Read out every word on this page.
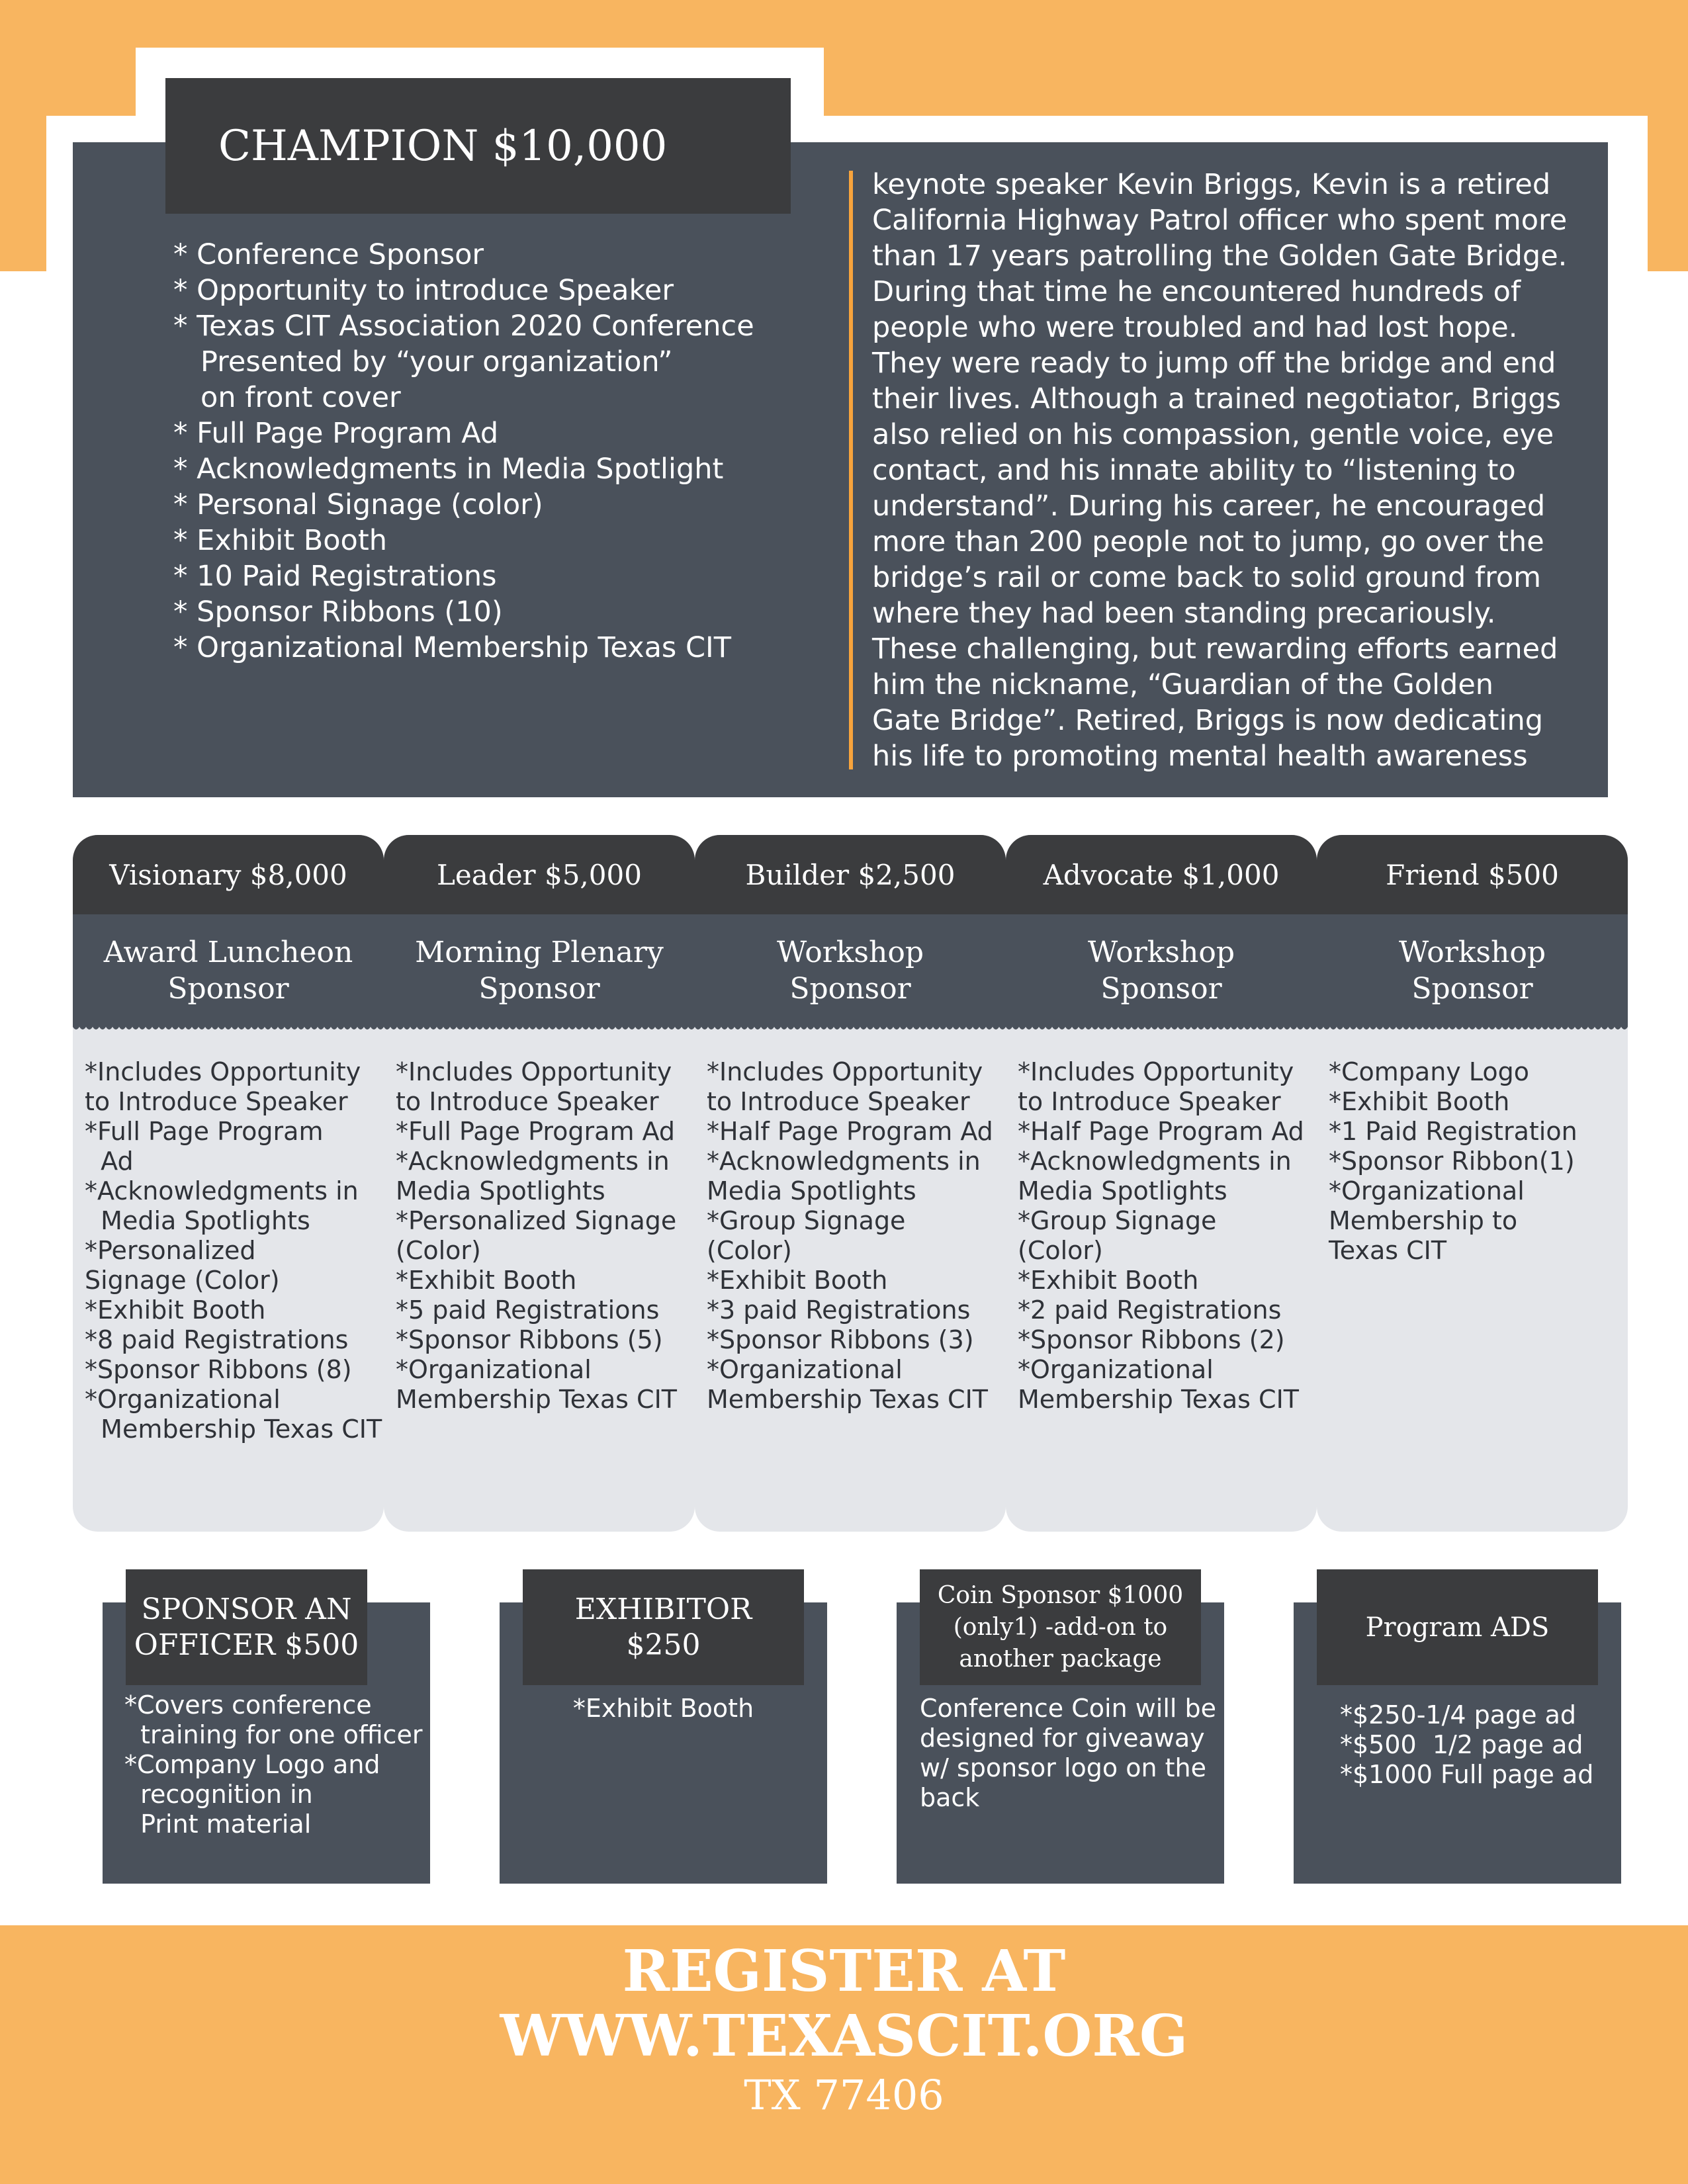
CHAMPION $10,000
* Conference Sponsor
* Opportunity to introduce Speaker
* Texas CIT Association 2020 Conference
Presented by “your organization”
on front cover
* Full Page Program Ad
* Acknowledgments in Media Spotlight
* Personal Signage (color)
* Exhibit Booth
* 10 Paid Registrations
* Sponsor Ribbons (10)
* Organizational Membership Texas CIT
keynote speaker Kevin Briggs, Kevin is a retired
California Highway Patrol officer who spent more
than 17 years patrolling the Golden Gate Bridge.
During that time he encountered hundreds of
people who were troubled and had lost hope.
They were ready to jump off the bridge and end
their lives. Although a trained negotiator, Briggs
also relied on his compassion, gentle voice, eye
contact, and his innate ability to “listening to
understand”. During his career, he encouraged
more than 200 people not to jump, go over the
bridge’s rail or come back to solid ground from
where they had been standing precariously.
These challenging, but rewarding efforts earned
him the nickname, “Guardian of the Golden
Gate Bridge”. Retired, Briggs is now dedicating
his life to promoting mental health awareness
Visionary $8,000
Award Luncheon
Sponsor
*Includes Opportunity
to Introduce Speaker
*Full Page Program
Ad
*Acknowledgments in
Media Spotlights
*Personalized
Signage (Color)
*Exhibit Booth
*8 paid Registrations
*Sponsor Ribbons (8)
*Organizational
Membership Texas CIT
Leader $5,000
Morning Plenary
Sponsor
*Includes Opportunity
to Introduce Speaker
*Full Page Program Ad
*Acknowledgments in
Media Spotlights
*Personalized Signage
(Color)
*Exhibit Booth
*5 paid Registrations
*Sponsor Ribbons (5)
*Organizational
Membership Texas CIT
Builder $2,500
Workshop
Sponsor
*Includes Opportunity
to Introduce Speaker
*Half Page Program Ad
*Acknowledgments in
Media Spotlights
*Group Signage
(Color)
*Exhibit Booth
*3 paid Registrations
*Sponsor Ribbons (3)
*Organizational
Membership Texas CIT
Advocate $1,000
Workshop
Sponsor
*Includes Opportunity
to Introduce Speaker
*Half Page Program Ad
*Acknowledgments in
Media Spotlights
*Group Signage
(Color)
*Exhibit Booth
*2 paid Registrations
*Sponsor Ribbons (2)
*Organizational
Membership Texas CIT
Friend $500
Workshop
Sponsor
*Company Logo
*Exhibit Booth
*1 Paid Registration
*Sponsor Ribbon(1)
*Organizational
Membership to
Texas CIT
SPONSOR AN
OFFICER $500
*Covers conference
training for one officer
*Company Logo and
recognition in
Print material
EXHIBITOR
$250
*Exhibit Booth
Coin Sponsor $1000
(only1) -add-on to
another package
Conference Coin will be
designed for giveaway
w/ sponsor logo on the
back
Program ADS
*$250-1/4 page ad
*$500  1/2 page ad
*$1000 Full page ad
REGISTER AT
WWW.TEXASCIT.ORG
TX 77406
